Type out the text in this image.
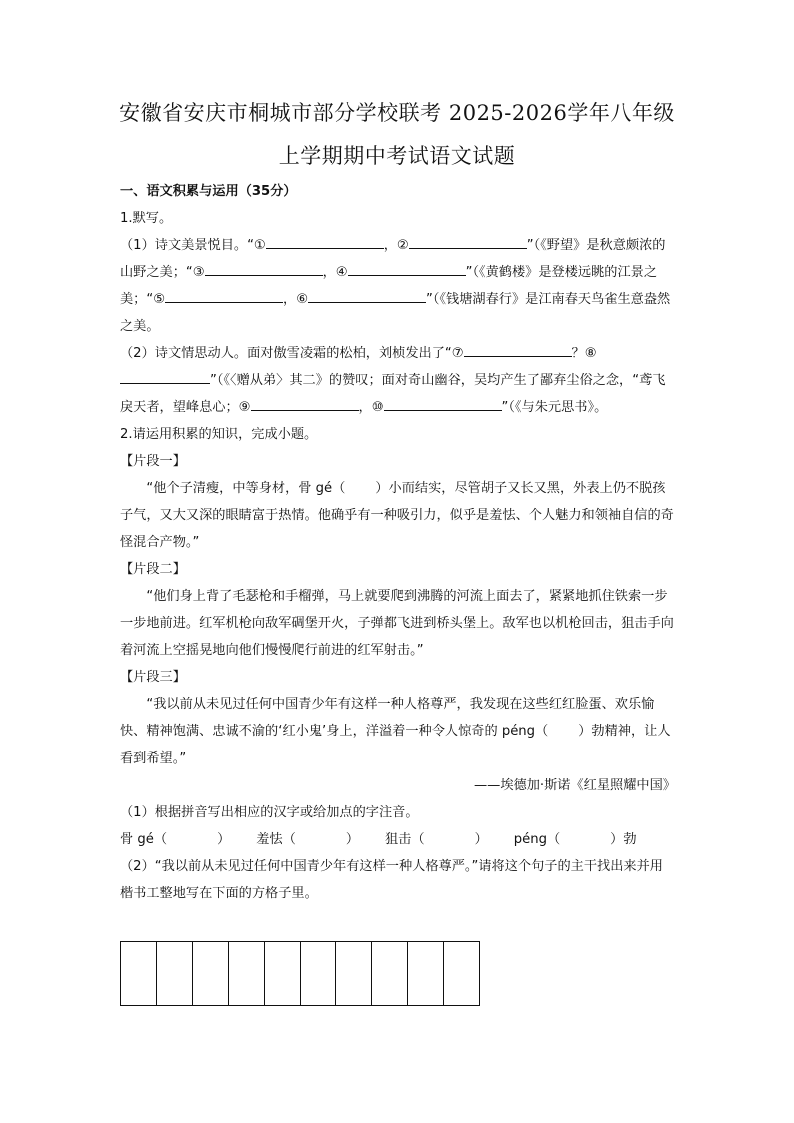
安徽省安庆市桐城市部分学校联考 2025-2026学年八年级
上学期期中考试语文试题

一、语文积累与运用（35分）

1.默写。

（1）诗文美景悦目。“①	，②	”（《野望》是秋意颇浓的山野之美；“③	，④	”（《黄鹤楼》是登楼远眺的江景之美；“⑤	，⑥	”（《钱塘湖春行》是江南春天鸟雀生意盎然之美。

（2）诗文情思动人。面对傲雪凌霜的松柏，刘桢发出了“⑦	？⑧”（《〈赠从弟〉其二》的赞叹；面对奇山幽谷，吴均产生了鄙弃尘俗之念，“鸢飞戾天者，望峰息心；⑨	，⑩	”（《与朱元思书》。

2.请运用积累的知识，完成小题。

【片段一】

“他个子清瘦，中等身材，骨 gé（ ）小而结实，尽管胡子又长又黑，外表上仍不脱孩子气，又大又深的眼睛富于热情。他确乎有一种吸引力，似乎是羞怯、个人魅力和领袖自信的奇怪混合产物。”

【片段二】

“他们身上背了毛瑟枪和手榴弹，马上就要爬到沸腾的河流上面去了，紧紧地抓住铁索一步一步地前进。红军机枪向敌军碉堡开火，子弹都飞进到桥头堡上。敌军也以机枪回击，狙击手向着河流上空摇晃地向他们慢慢爬行前进的红军射击。”

【片段三】

“我以前从未见过任何中国青少年有这样一种人格尊严，我发现在这些红红脸蛋、欢乐愉快、精神饱满、忠诚不渝的‘红小鬼’身上，洋溢着一种令人惊奇的 péng（ ）勃精神，让人看到希望。”

——埃德加·斯诺《红星照耀中国》

（1）根据拼音写出相应的汉字或给加点的字注音。

骨 gé（	） 羞怯（	） 狙击（	） péng（	）勃

（2）“我以前从未见过任何中国青少年有这样一种人格尊严。”请将这个句子的主干找出来并用楷书工整地写在下面的方格子里。
